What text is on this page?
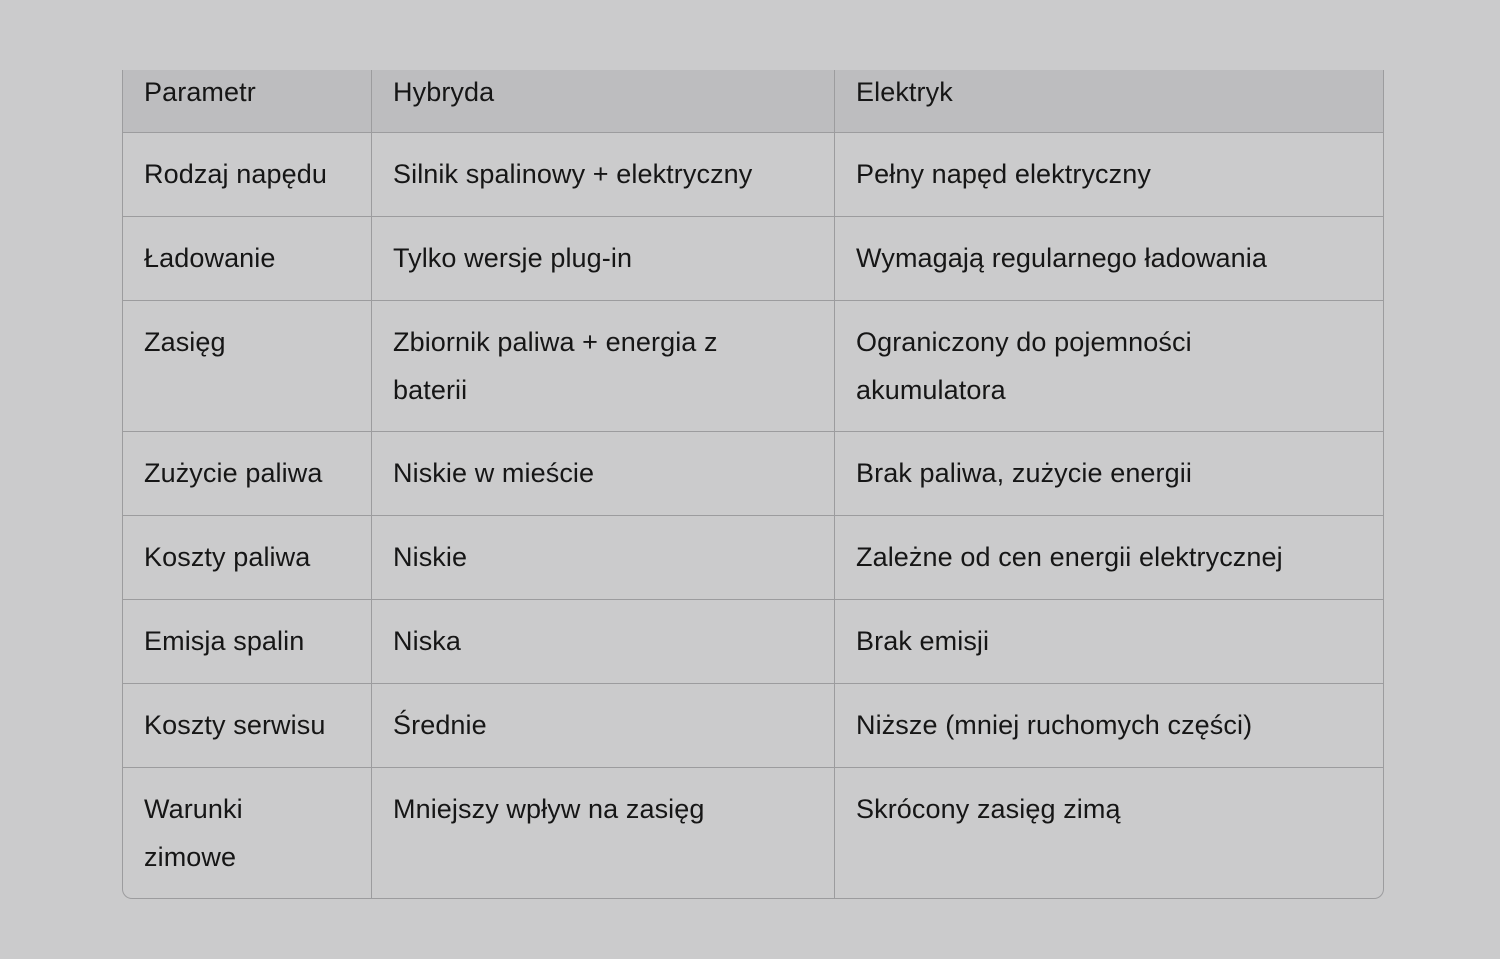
Parametr	Hybryda	Elektryk
Rodzaj napędu	Silnik spalinowy + elektryczny	Pełny napęd elektryczny
Ładowanie	Tylko wersje plug-in	Wymagają regularnego ładowania
Zasięg	Zbiornik paliwa + energia z baterii	Ograniczony do pojemności akumulatora
Zużycie paliwa	Niskie w mieście	Brak paliwa, zużycie energii
Koszty paliwa	Niskie	Zależne od cen energii elektrycznej
Emisja spalin	Niska	Brak emisji
Koszty serwisu	Średnie	Niższe (mniej ruchomych części)
Warunki zimowe	Mniejszy wpływ na zasięg	Skrócony zasięg zimą
